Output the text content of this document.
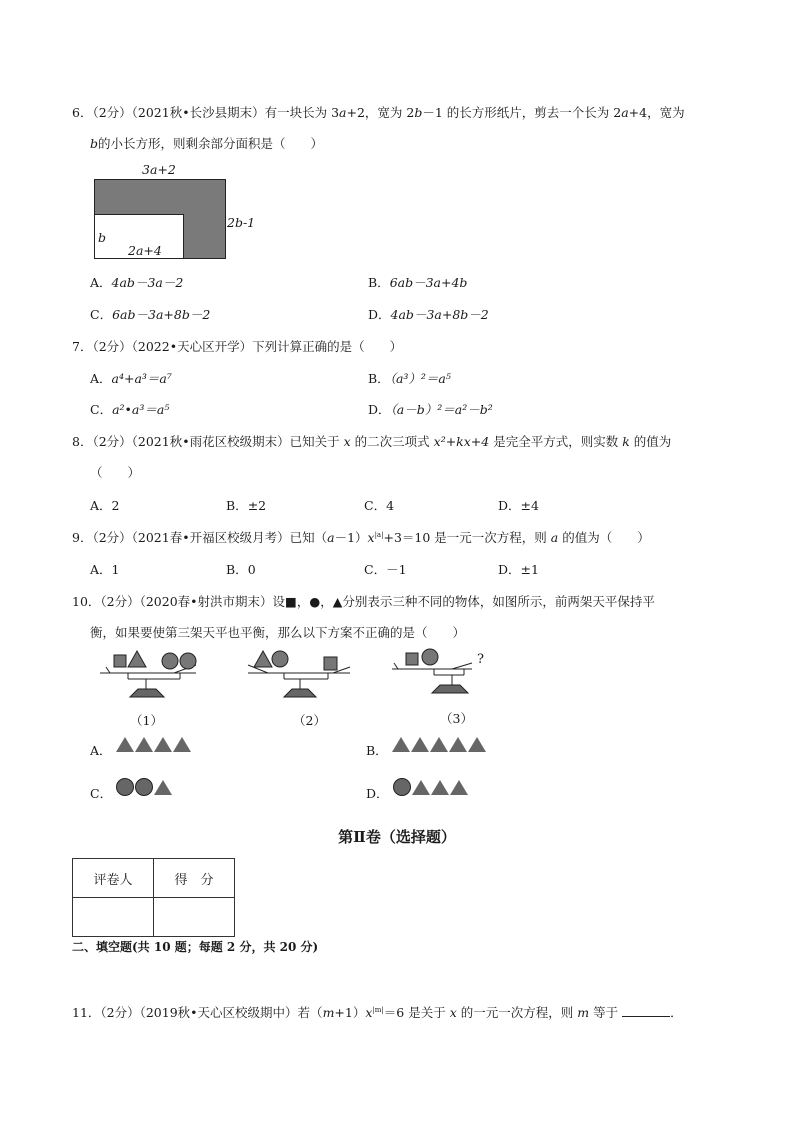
6．（2分）（2021秋•长沙县期末）有一块长为 3a+2，宽为 2b－1 的长方形纸片，剪去一个长为 2a+4，宽为
b的小长方形，则剩余部分面积是（　　）
3a+2
b
2a+4
2b-1
A．4ab－3a－2	B．6ab－3a+4b
C．6ab－3a+8b－2	D．4ab－3a+8b－2
7．（2分）（2022•天心区开学）下列计算正确的是（　　）
A．a⁴+a³＝a⁷	B．（a³）²＝a⁵
C．a²•a³＝a⁵	D．（a－b）²＝a²－b²
8．（2分）（2021秋•雨花区校级期末）已知关于 x 的二次三项式 x²+kx+4 是完全平方式，则实数 k 的值为
（　　）
A．2	B．±2	C．4	D．±4
9．（2分）（2021春•开福区校级月考）已知$(a-1)x^{|a|}+3=10$ 是一元一次方程，则 a 的值为（　　）
A．1	B．0	C．－1	D．±1
10．（2分）（2020春•射洪市期末）设■，●，▲分别表示三种不同的物体，如图所示，前两架天平保持平
衡，如果要使第三架天平也平衡，那么以下方案不正确的是（　　）
?
（1）	（2）	（3）
A．	B．
C．	D．
第Ⅱ卷（选择题）
评卷人	得　分

二、填空题(共 10 题；每题 2 分，共 20 分)
11．（2分）（2019秋•天心区校级期中）若$(m+1)x^{|m|}=6$ 是关于 x 的一元一次方程，则 m 等于	．
